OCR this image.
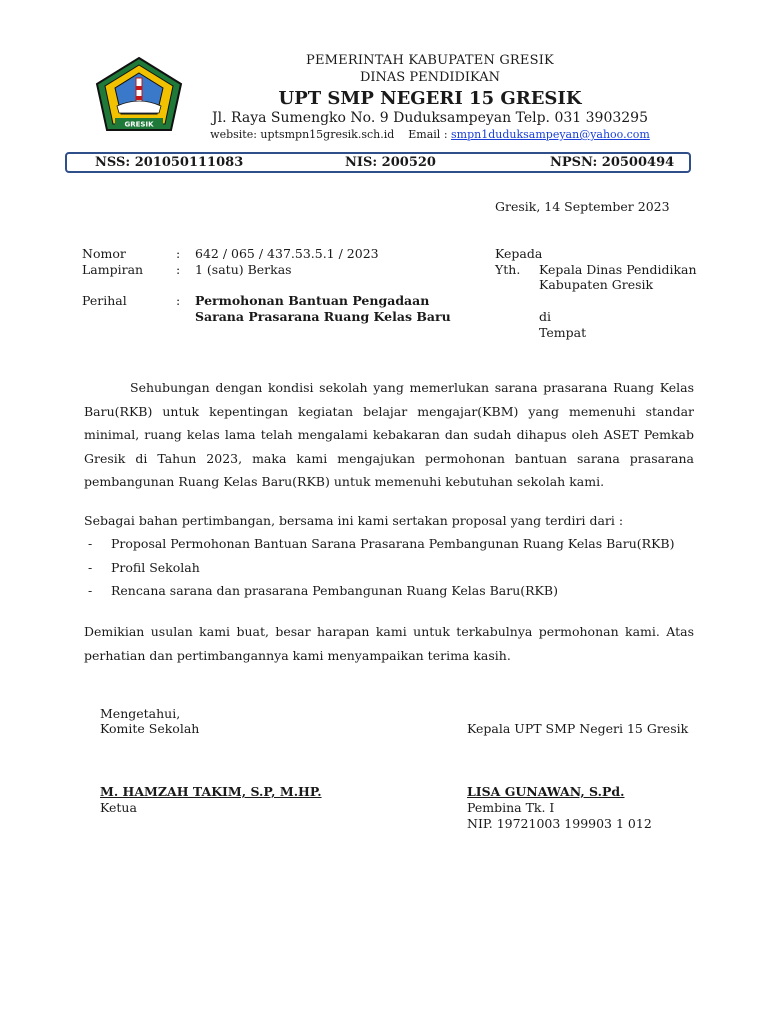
GRESIK
PEMERINTAH KABUPATEN GRESIK
DINAS PENDIDIKAN
UPT SMP NEGERI 15 GRESIK
Jl. Raya Sumengko No. 9 Duduksampeyan Telp. 031 3903295
website: uptsmpn15gresik.sch.id Email : smpn1duduksampeyan@yahoo.com
NSS: 201050111083	NIS: 200520	NPSN: 20500494
Gresik, 14 September 2023
Nomor	: 642 / 065 / 437.53.5.1 / 2023
Lampiran	: 1 (satu) Berkas
Perihal	: Permohonan Bantuan Pengadaan
Sarana Prasarana Ruang Kelas Baru
Kepada
Yth. Kepala Dinas Pendidikan
Kabupaten Gresik
di
Tempat

Sehubungan dengan kondisi sekolah yang memerlukan sarana prasarana Ruang Kelas Baru(RKB) untuk kepentingan kegiatan belajar mengajar(KBM) yang memenuhi standar minimal, ruang kelas lama telah mengalami kebakaran dan sudah dihapus oleh ASET Pemkab Gresik di Tahun 2023, maka kami mengajukan permohonan bantuan sarana prasarana pembangunan Ruang Kelas Baru(RKB) untuk memenuhi kebutuhan sekolah kami.

Sebagai bahan pertimbangan, bersama ini kami sertakan proposal yang terdiri dari :
- Proposal Permohonan Bantuan Sarana Prasarana Pembangunan Ruang Kelas Baru(RKB)
- Profil Sekolah
- Rencana sarana dan prasarana Pembangunan Ruang Kelas Baru(RKB)

Demikian usulan kami buat, besar harapan kami untuk terkabulnya permohonan kami. Atas perhatian dan pertimbangannya kami menyampaikan terima kasih.

Mengetahui,
Komite Sekolah
M. HAMZAH TAKIM, S.P, M.HP.
Ketua
Kepala UPT SMP Negeri 15 Gresik
LISA GUNAWAN, S.Pd.
Pembina Tk. I
NIP. 19721003 199903 1 012
